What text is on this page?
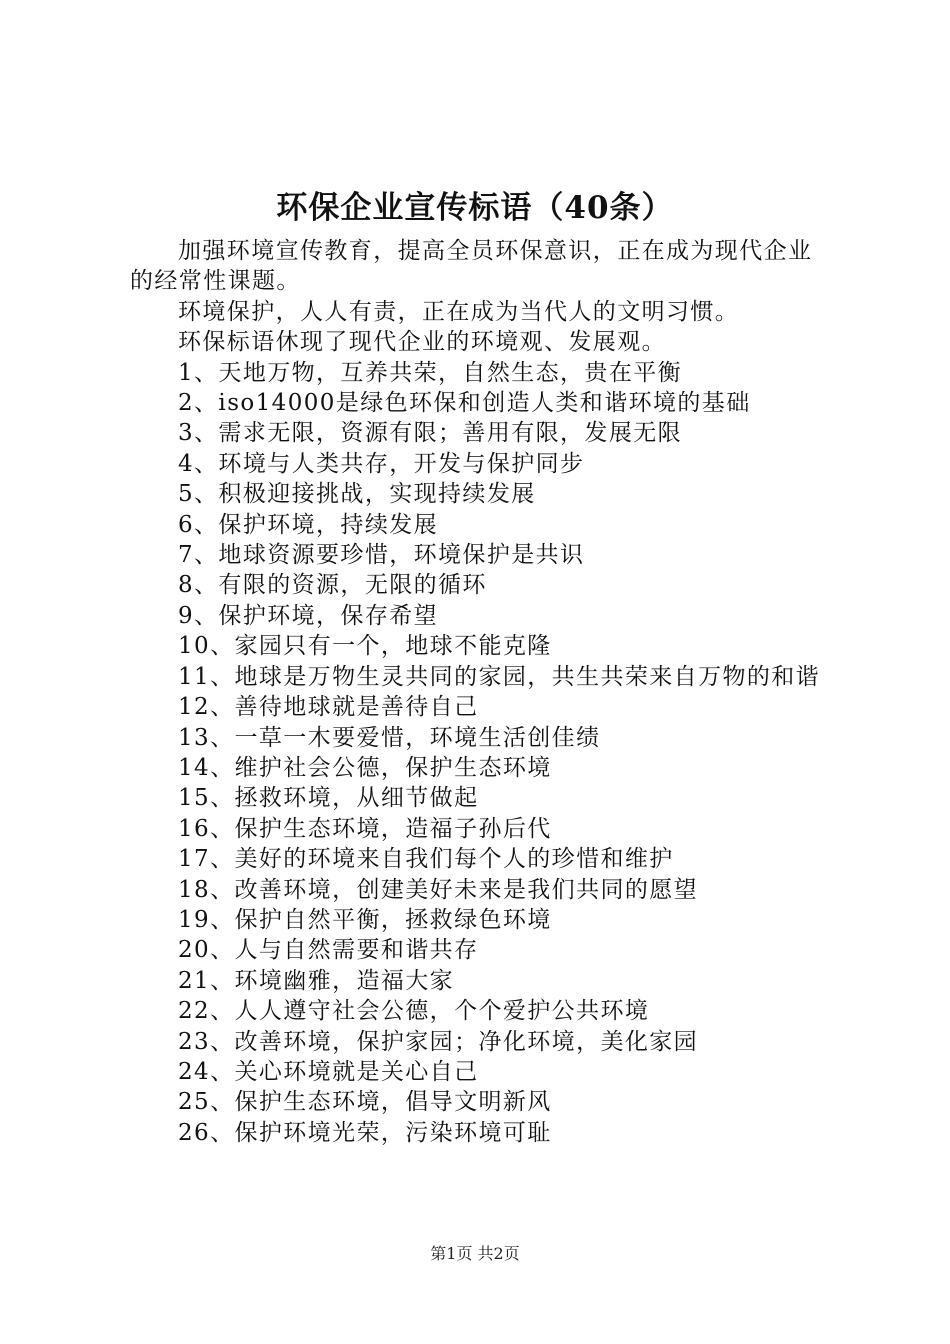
环保企业宣传标语（40条）

加强环境宣传教育，提高全员环保意识，正在成为现代企业的经常性课题。

环境保护，人人有责，正在成为当代人的文明习惯。

环保标语休现了现代企业的环境观、发展观。

1、天地万物，互养共荣，自然生态，贵在平衡
2、iso14000是绿色环保和创造人类和谐环境的基础
3、需求无限，资源有限；善用有限，发展无限
4、环境与人类共存，开发与保护同步
5、积极迎接挑战，实现持续发展
6、保护环境，持续发展
7、地球资源要珍惜，环境保护是共识
8、有限的资源，无限的循环
9、保护环境，保存希望
10、家园只有一个，地球不能克隆
11、地球是万物生灵共同的家园，共生共荣来自万物的和谐
12、善待地球就是善待自己
13、一草一木要爱惜，环境生活创佳绩
14、维护社会公德，保护生态环境
15、拯救环境，从细节做起
16、保护生态环境，造福子孙后代
17、美好的环境来自我们每个人的珍惜和维护
18、改善环境，创建美好未来是我们共同的愿望
19、保护自然平衡，拯救绿色环境
20、人与自然需要和谐共存
21、环境幽雅，造福大家
22、人人遵守社会公德，个个爱护公共环境
23、改善环境，保护家园；净化环境，美化家园
24、关心环境就是关心自己
25、保护生态环境，倡导文明新风
26、保护环境光荣，污染环境可耻
第1页 共2页
